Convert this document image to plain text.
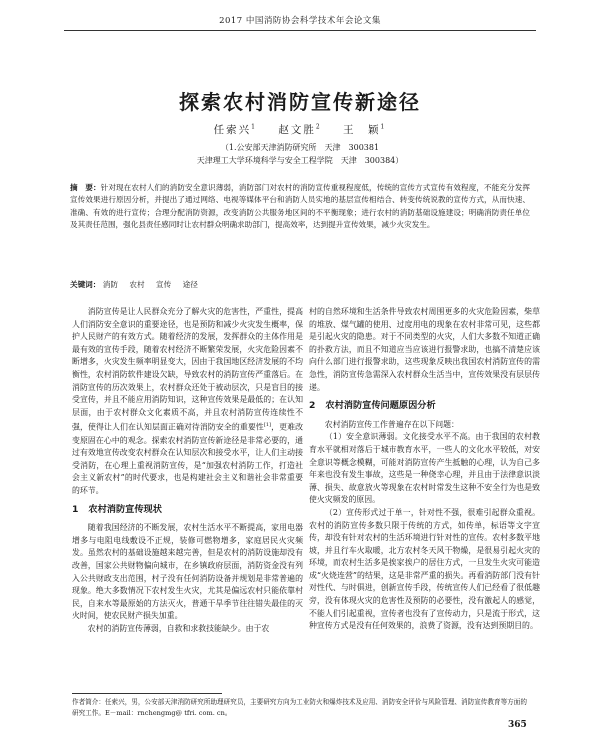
2017 中国消防协会科学技术年会论文集
探索农村消防宣传新途径
任索兴$^1$ 赵文胜$^2$ 王　颖$^1$
（1.公安部天津消防研究所　天津　300381
天津理工大学环境科学与安全工程学院　天津　300384）
摘　要：针对现在农村人们的消防安全意识薄弱，消防部门对农村的消防宣传重视程度低，传统的宣传方式宣传有效程度，不能充分发挥宣传效果进行原因分析，并提出了通过网络、电视等媒体平台和消防人员实地的基层宣传相结合、转变传统说教的宣传方式，从而快速、准确、有效的进行宣传；合理分配消防资源，改变消防公共服务地区间的不平衡现象；进行农村的消防基础设施建设；明确消防责任单位及其责任范围，强化县责任感同时让农村群众明确求助部门，提高效率，达到提升宣传效果，减少火灾发生。
关键词： 消防 农村 宣传 途径

消防宣传是让人民群众充分了解火灾的危害性，严重性，提高人们消防安全意识的重要途径，也是预防和减少火灾发生概率，保护人民财产的有效方式。随着经济的发展，发挥群众的主体作用是最有效的宣传手段，随着农村经济不断繁荣发展，火灾危险因素不断增多，火灾发生频率明显变大，因由于我国地区经济发展的不均衡性，农村消防软件建设欠缺，导致农村的消防宣传严重落后。在消防宣传的历次效果上，农村群众还处于被动层次，只是盲目的接受宣传，并且不能应用消防知识，这种宣传效果是最低的；在认知层面，由于农村群众文化素质不高，并且农村消防宣传连续性不强，使得让人们在认知层面正确对待消防安全的重要性[1]，更难改变原固在心中的观念。探索农村消防宣传新途径是非常必要的，通过有效地宣传改变农村群众在认知层次和接受水平，让人们主动接受消防，在心理上重视消防宣传，是“加强农村消防工作，打造社会主义新农村”的时代要求，也是构建社会主义和谐社会非常重要的环节。

1 农村消防宣传现状

随着我国经济的不断发展，农村生活水平不断提高，家用电器增多与电阻电线敷设不正规，装修可燃物增多，家庭居民火灾频发。虽然农村的基础设施越来越完善，但是农村的消防设施却没有改善，国家公共财物偏向城市，在乡镇政府层面，消防资金没有列入公共财政支出范围，村子没有任何消防设备并规划是非常普遍的现象。绝大多数情况下农村发生火灾，尤其是偏远农村只能依靠村民，自来水等最原始的方法灭火，普通干旱季节往往错失最佳的灭火时间，使农民财产损失加重。

农村的消防宣传薄弱，自救和求救技能缺少。由于农

村的自然环境和生活条件导致农村周围更多的火灾危险因素，柴草的堆放、煤气罐的使用、过度用电的现象在农村非常可见，这些都是引起火灾的隐患。对于不同类型的火灾，人们大多数不知道正确的扑救方法，而且不知道应当应该进行报警求助，也搞不清楚应该向什么部门进行报警求助，这些现象反映出我国农村消防宣传的需急性，消防宣传急需深入农村群众生活当中，宣传效果没有层层传递。

2 农村消防宣传问题原因分析

农村消防宣传工作普遍存在以下问题：

（1）安全意识薄弱。文化接受水平不高。由于我国的农村教育水平就相对落后于城市教育水平，一些人的文化水平较低，对安全意识等概念模糊，可能对消防宣传产生抵触的心理，认为自己多年来也没有发生事故，这些是一种侥幸心理，并且由于法律意识淡薄、损失、故意放火等现象在农村时常发生这种不安全行为也是致使火灾频发的原因。

（2）宣传形式过于单一，针对性不强，很难引起群众重视。农村的消防宣传多数只限于传统的方式，如传单，标语等文字宣传，却没有针对农村的生活环境进行针对性的宣传。农村多数平地坡，并且行车火取暖，北方农村冬天风干物燥，是很易引起火灾的环境，而农村生活多是挨家挨户的居住方式，一旦发生火灾可能造成“火烧连营”的结果，这是非常严重的损失。再看消防部门没有针对性代、与时俱进，创新宣传手段，传统宣传人们已经看了很低趣旁，没有体现火灾的危害性及预防的必要性，没有激起人的感觉，不能人们引起重视，宣传者也没有了宣传动力，只是流于形式，这种宣传方式是没有任何效果的，浪费了资源，没有达到预期目的。

作者简介：任索兴，男，公安部天津消防研究所助理研究员，主要研究方向为工业防火和爆炸技术及应用、消防安全评价与风险管理、消防宣传教育等方面的研究工作。E－mail：rnchengmg@ tfri. com. cn。
365
